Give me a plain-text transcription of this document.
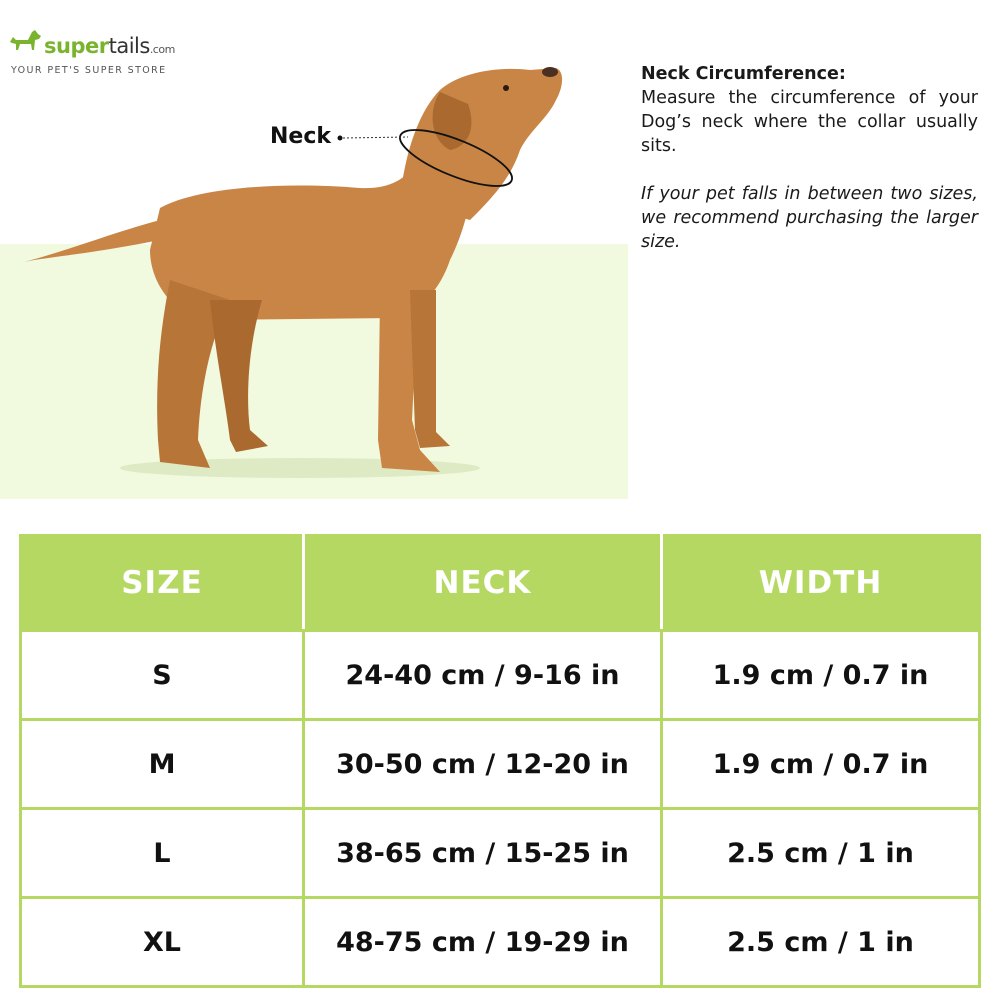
supertails.com
YOUR PET'S SUPER STORE
Neck
Neck Circumference:
Measure the circumference of your Dog’s neck where the collar usually sits.
If your pet falls in between two sizes, we recommend purchasing the larger size.
SIZE	NECK	WIDTH
S	24-40 cm / 9-16 in	1.9 cm / 0.7 in
M	30-50 cm / 12-20 in	1.9 cm / 0.7 in
L	38-65 cm / 15-25 in	2.5 cm / 1 in
XL	48-75 cm / 19-29 in	2.5 cm / 1 in
